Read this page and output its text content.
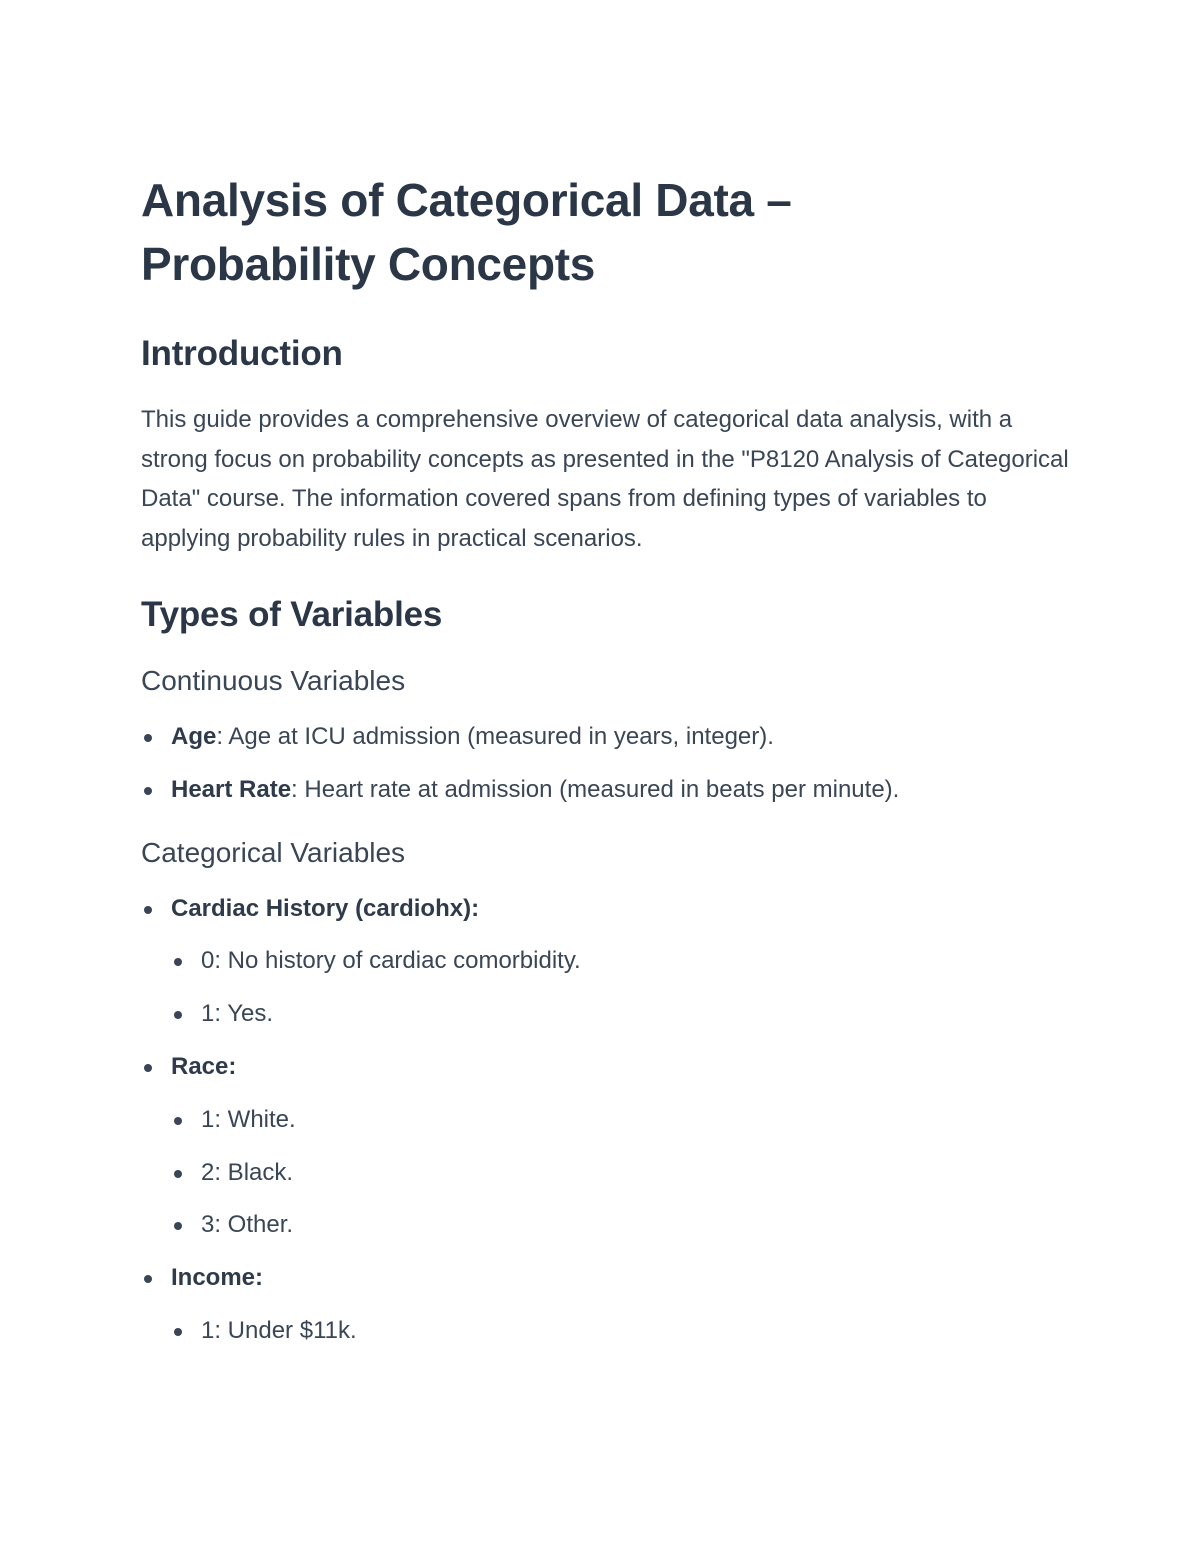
Analysis of Categorical Data –
Probability Concepts
Introduction

This guide provides a comprehensive overview of categorical data analysis, with a strong focus on probability concepts as presented in the "P8120 Analysis of Categorical Data" course. The information covered spans from defining types of variables to applying probability rules in practical scenarios.

Types of Variables
Continuous Variables
Age: Age at ICU admission (measured in years, integer).
Heart Rate: Heart rate at admission (measured in beats per minute).
Categorical Variables
Cardiac History (cardiohx):
0: No history of cardiac comorbidity.
1: Yes.
Race:
1: White.
2: Black.
3: Other.
Income:
1: Under $11k.
